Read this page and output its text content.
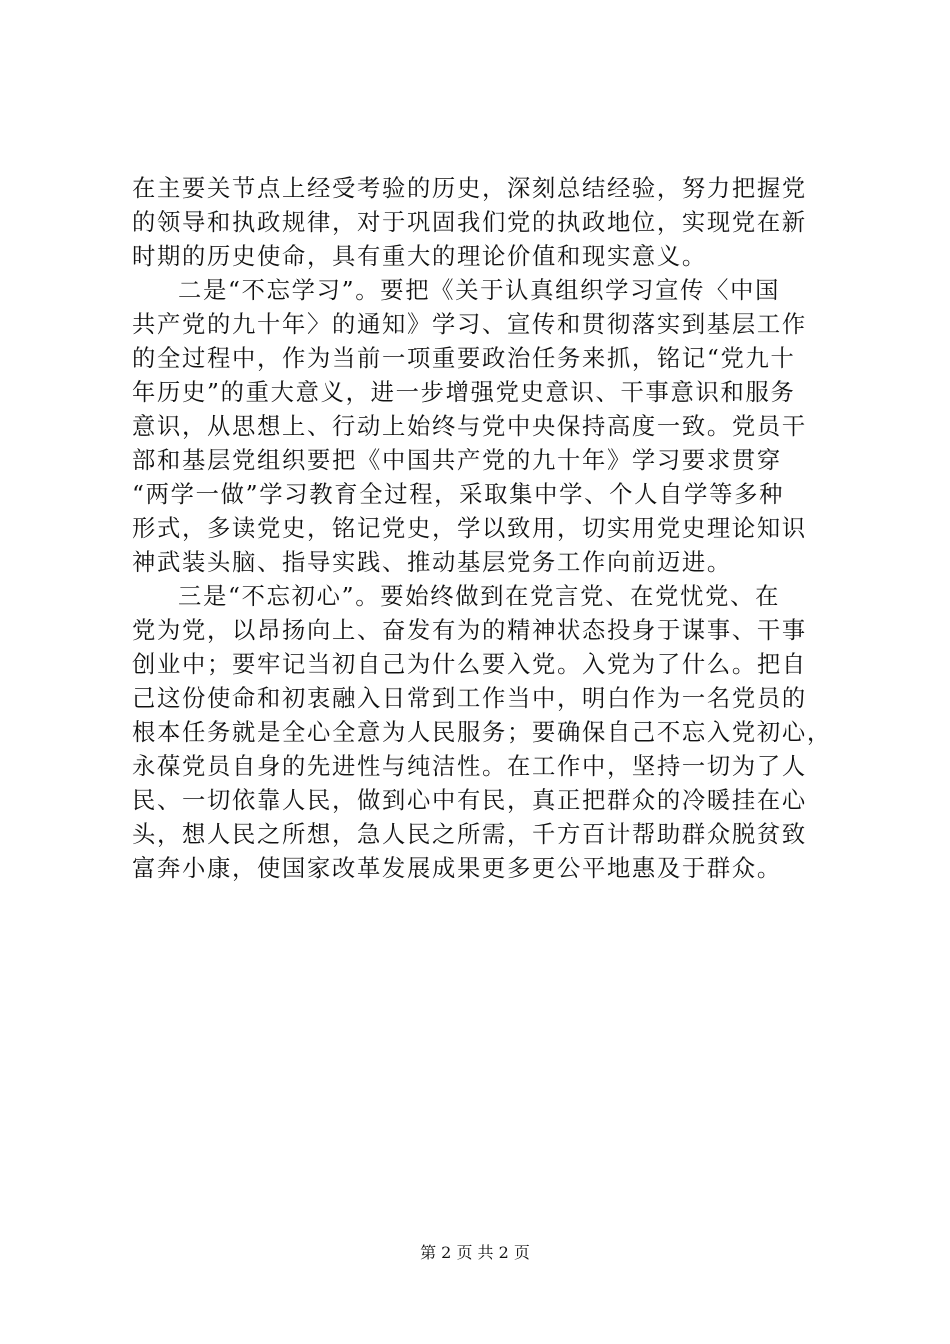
在主要关节点上经受考验的历史，深刻总结经验，努力把握党
的领导和执政规律，对于巩固我们党的执政地位，实现党在新
时期的历史使命，具有重大的理论价值和现实意义。
二是“不忘学习”。要把《关于认真组织学习宣传〈中国
共产党的九十年〉的通知》学习、宣传和贯彻落实到基层工作
的全过程中，作为当前一项重要政治任务来抓，铭记“党九十
年历史”的重大意义，进一步增强党史意识、干事意识和服务
意识，从思想上、行动上始终与党中央保持高度一致。党员干
部和基层党组织要把《中国共产党的九十年》学习要求贯穿
“两学一做”学习教育全过程，采取集中学、个人自学等多种
形式，多读党史，铭记党史，学以致用，切实用党史理论知识
神武装头脑、指导实践、推动基层党务工作向前迈进。
三是“不忘初心”。要始终做到在党言党、在党忧党、在
党为党，以昂扬向上、奋发有为的精神状态投身于谋事、干事
创业中；要牢记当初自己为什么要入党。入党为了什么。把自
己这份使命和初衷融入日常到工作当中，明白作为一名党员的
根本任务就是全心全意为人民服务；要确保自己不忘入党初心，
永葆党员自身的先进性与纯洁性。在工作中，坚持一切为了人
民、一切依靠人民，做到心中有民，真正把群众的冷暖挂在心
头，想人民之所想，急人民之所需，千方百计帮助群众脱贫致
富奔小康，使国家改革发展成果更多更公平地惠及于群众。
第 2 页 共 2 页
